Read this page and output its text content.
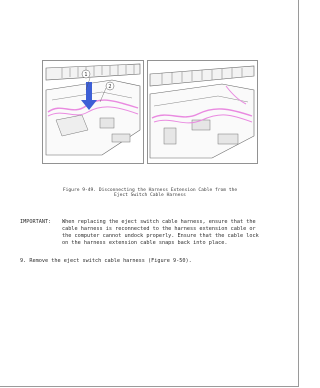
1
2
Figure 9-49. Disconnecting the Harness Extension Cable from the
Eject Switch Cable Harness
IMPORTANT:	When replacing the eject switch cable harness, ensure that the
cable harness is reconnected to the harness extension cable or
the computer cannot undock properly. Ensure that the cable lock
on the harness extension cable snaps back into place.
9. Remove the eject switch cable harness (Figure 9-50).
